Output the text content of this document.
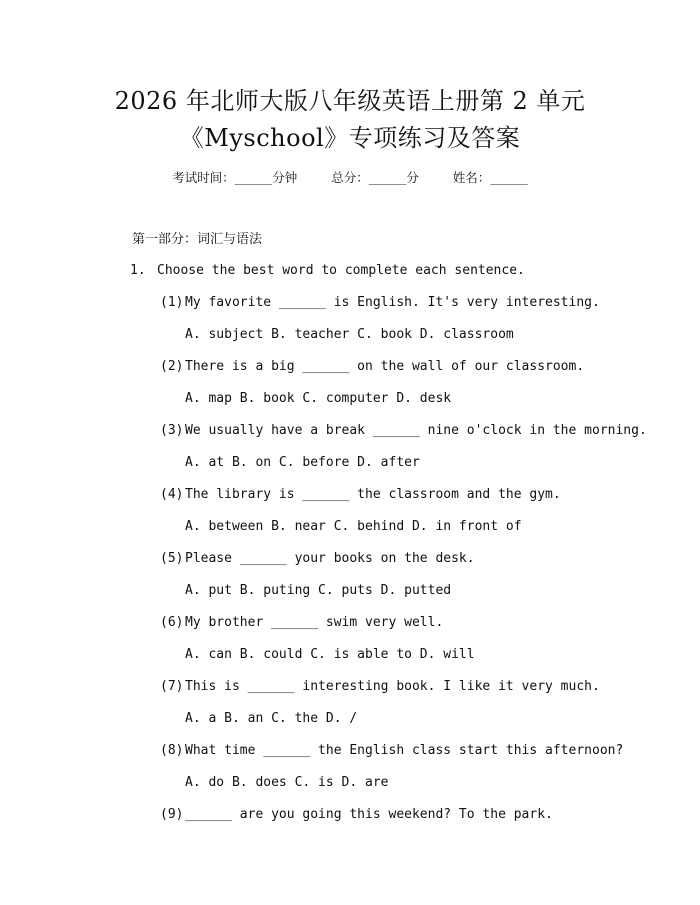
2026 年北师大版八年级英语上册第 2 单元
《Myschool》专项练习及答案
考试时间：______分钟	总分：______分	姓名：______
第一部分：词汇与语法
1. Choose the best word to complete each sentence.
(1) My favorite ______ is English. It's very interesting.
A. subject B. teacher C. book D. classroom
(2) There is a big ______ on the wall of our classroom.
A. map B. book C. computer D. desk
(3) We usually have a break ______ nine o'clock in the morning.
A. at B. on C. before D. after
(4) The library is ______ the classroom and the gym.
A. between B. near C. behind D. in front of
(5) Please ______ your books on the desk.
A. put B. puting C. puts D. putted
(6) My brother ______ swim very well.
A. can B. could C. is able to D. will
(7) This is ______ interesting book. I like it very much.
A. a B. an C. the D. /
(8) What time ______ the English class start this afternoon?
A. do B. does C. is D. are
(9) ______ are you going this weekend? To the park.
